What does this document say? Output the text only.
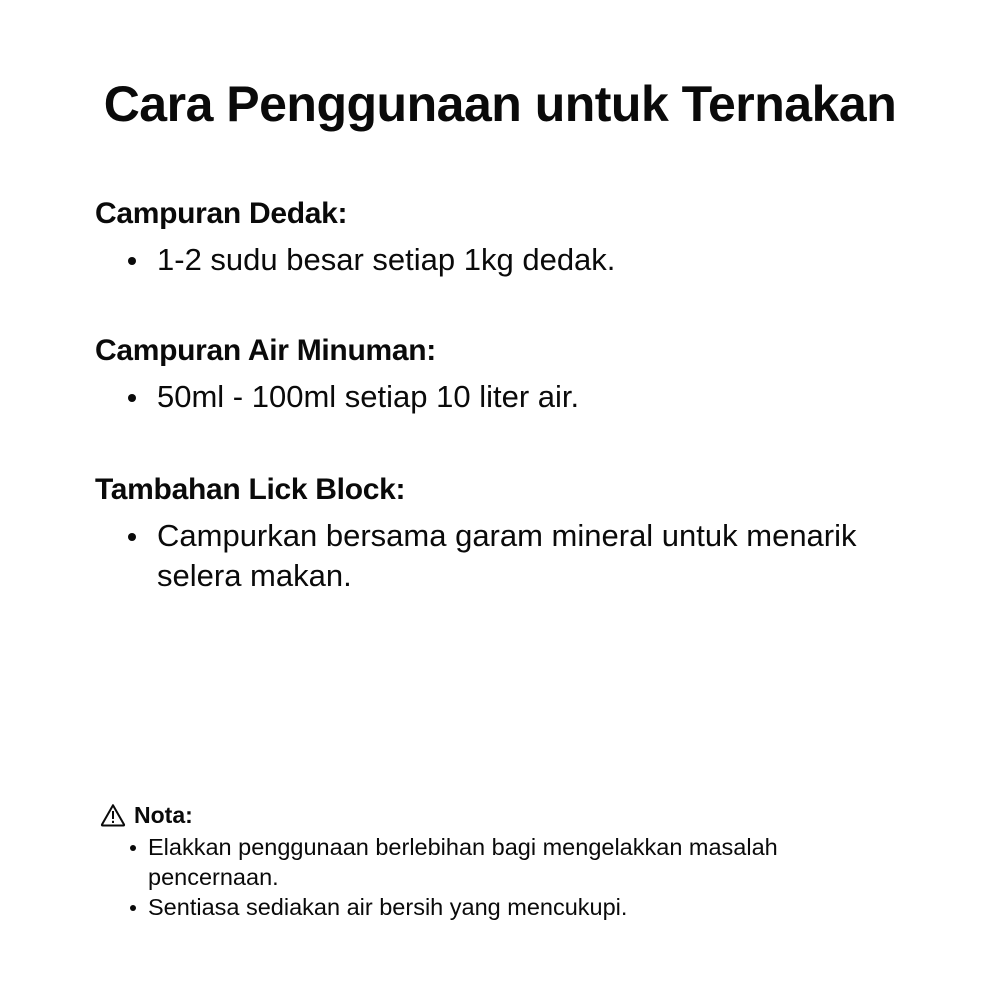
Cara Penggunaan untuk Ternakan
Campuran Dedak:
1-2 sudu besar setiap 1kg dedak.
Campuran Air Minuman:
50ml - 100ml setiap 10 liter air.
Tambahan Lick Block:
Campurkan bersama garam mineral untuk menarik selera makan.
Nota:
Elakkan penggunaan berlebihan bagi mengelakkan masalah pencernaan.
Sentiasa sediakan air bersih yang mencukupi.
